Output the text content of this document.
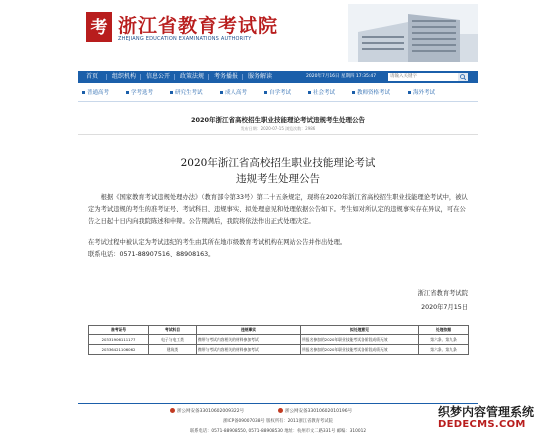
考 浙江省教育考试院
ZHEJIANG EDUCATION EXAMINATIONS AUTHORITY
首页 组织机构 信息公开 政策法规 考务播报 服务解读	2020年7月16日 星期四 17:35:47
请输入关键字
普通高考	学考选考	研究生考试	成人高考	自学考试	社会考试	教师资格考试	海外考试
2020年浙江省高校招生职业技能理论考试违规考生处理公告
发布日期：2020-07-15 浏览次数：2986
2020年浙江省高校招生职业技能理论考试
违规考生处理公告
根据《国家教育考试违规处理办法》（教育部令第33号）第二十五条规定，现将在2020年浙江省高校招生职业技能理论考试中，被认定为考试违规的考生的准考证号、考试科目、违规事实、拟处理意见和处理依据公告如下。考生如对所认定的违规事实存在异议，可在公告之日起十日内向我院陈述和申辩。公告期满后，我院将依法作出正式处理决定。
在考试过程中被认定为考试违纪的考生由其所在地市级教育考试机构在网站公告并作出处理。
联系电话：0571-88907516、88908163。
浙江省教育考试院
2020年7月15日
准考证号	考试科目	违规事实	拟处理意见	处理依据
20331906111177	电子与电工类	携带与考试内容相关的材料参加考试	所报名参加的2020年职业技能考试各阶段成绩无效	第六条、第九条
20336421106062	建筑类	携带与考试内容相关的材料参加考试	所报名参加的2020年职业技能考试各阶段成绩无效	第六条、第九条
浙公网安备33010602009322号	浙公网安备33010602010196号
浙ICP备09007038号 版权所有：2011浙江省教育考试院
联系电话：0571-88908550, 0571-88908530 地址：杭州市文二路331号 邮编：310012
织梦内容管理系统
DEDECMS.COM
